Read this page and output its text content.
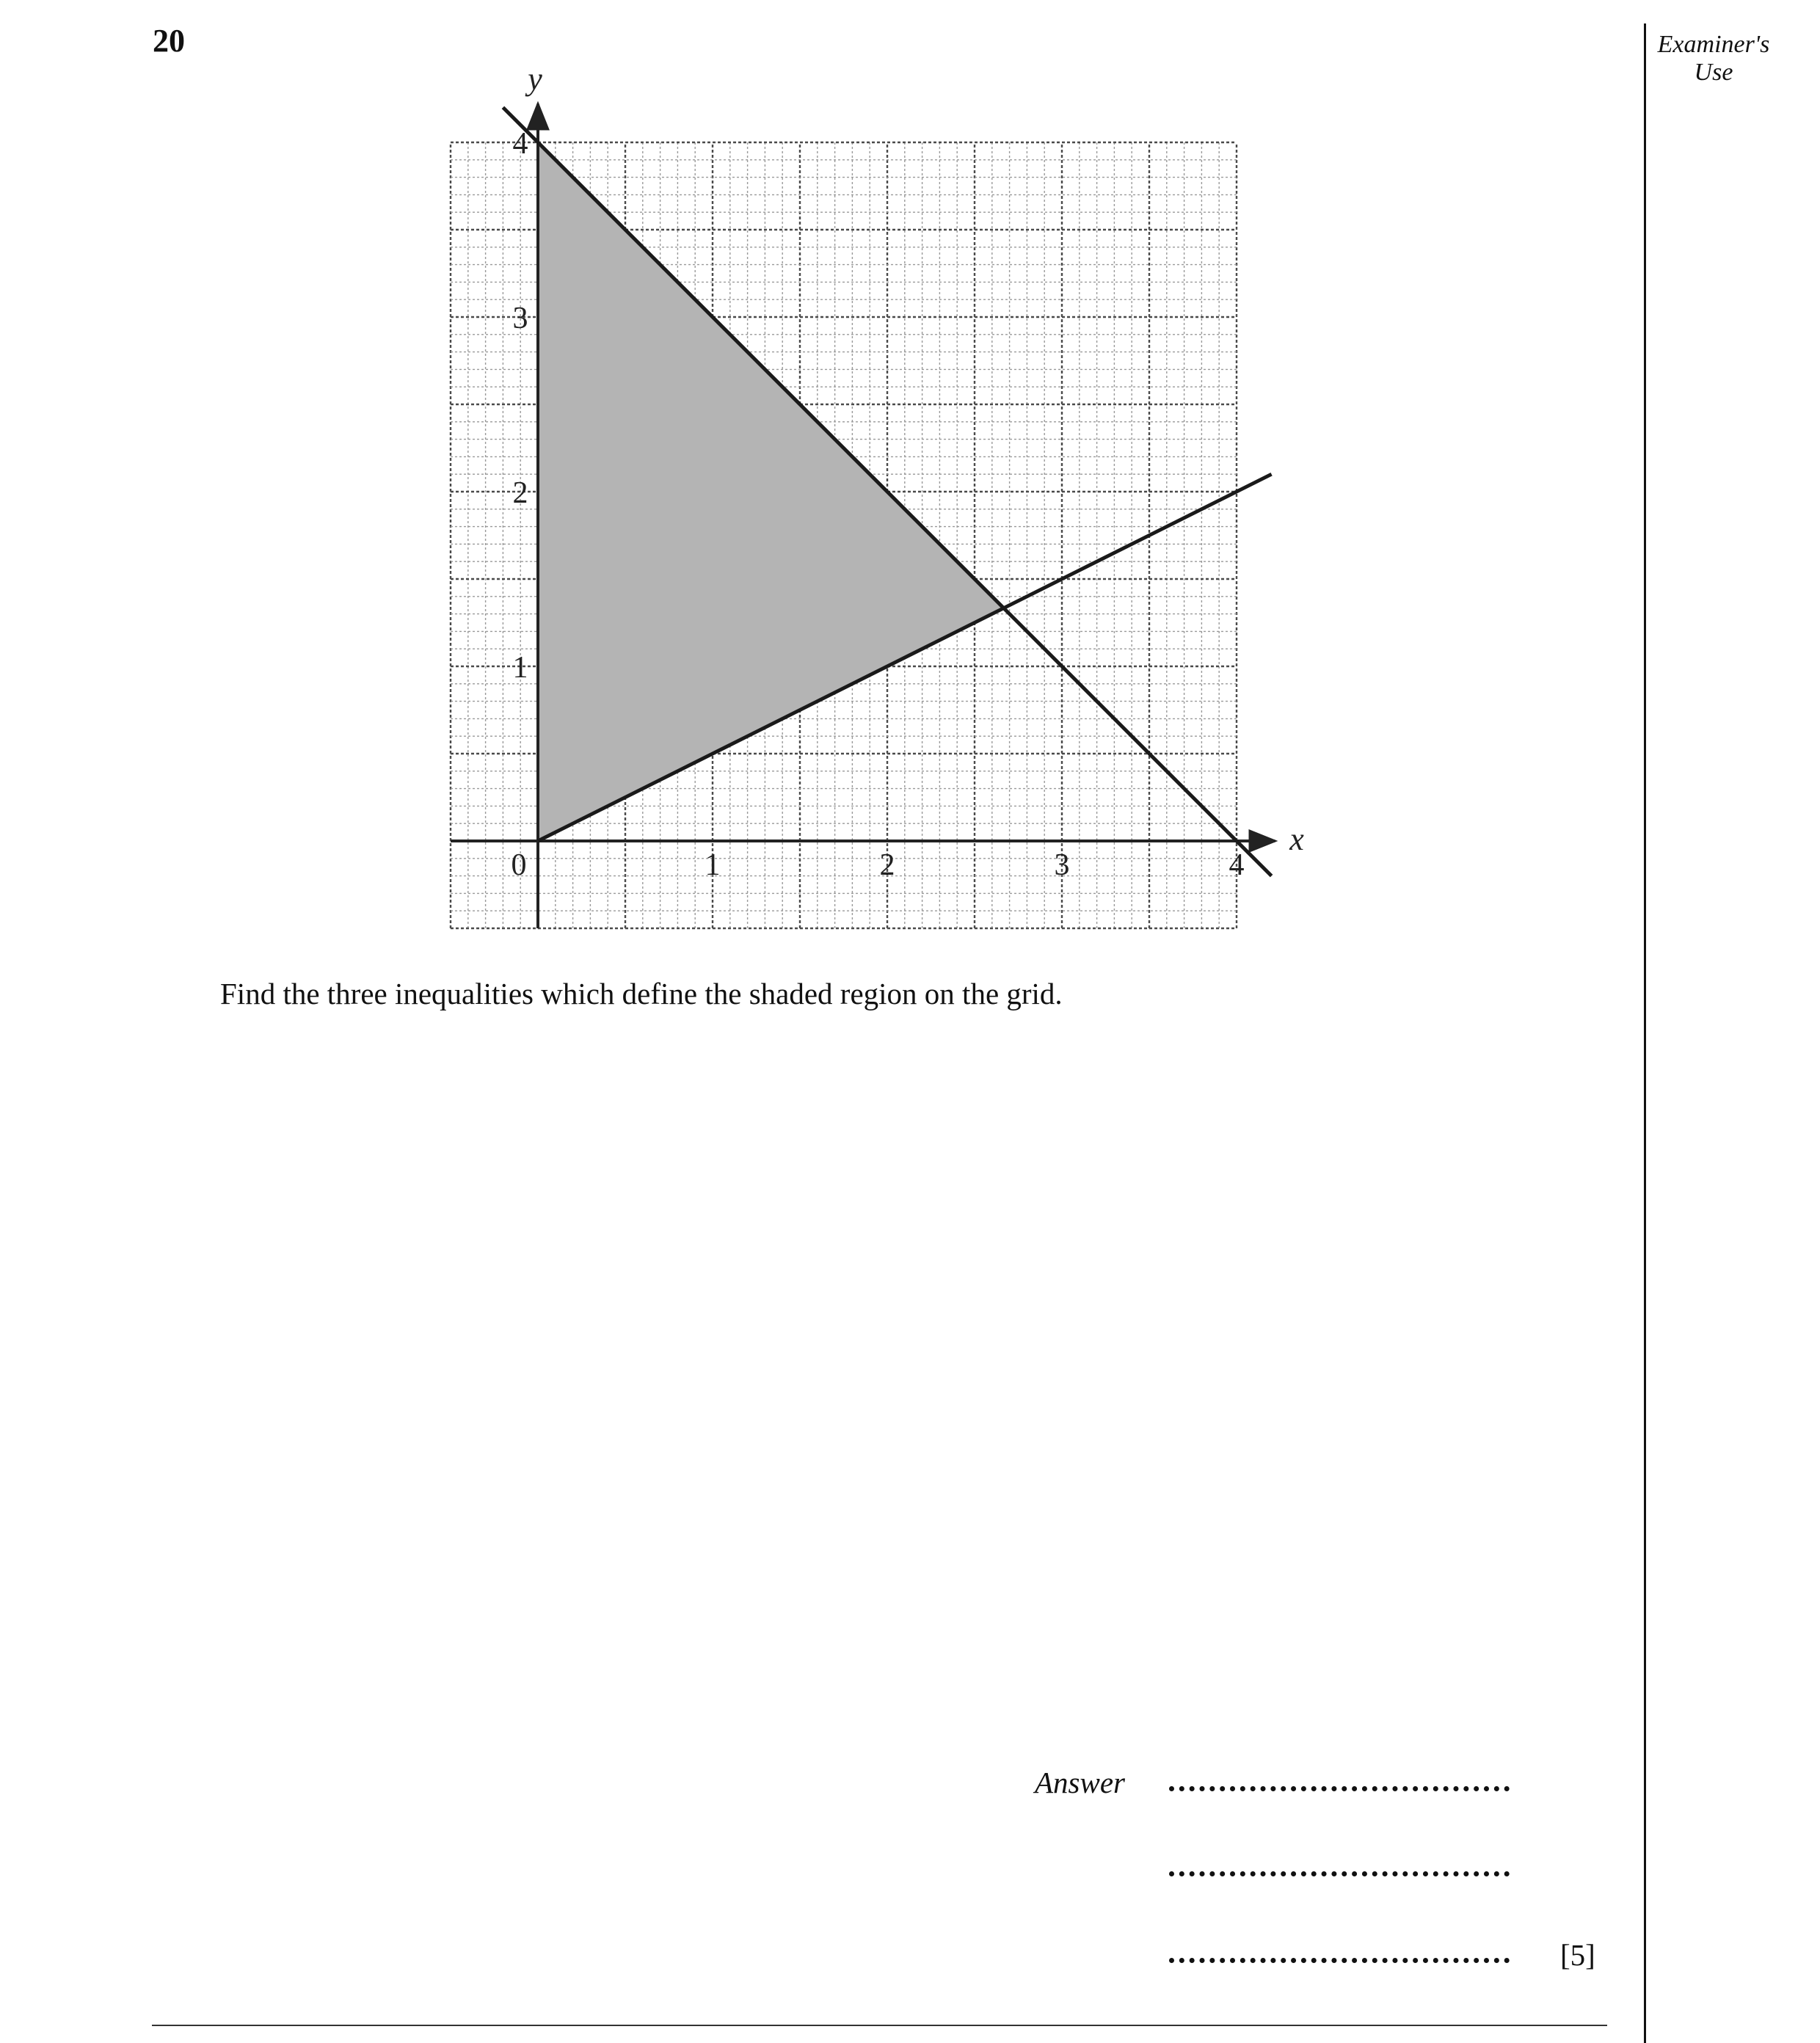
20	Examiner's
Use
1	2	3	4
0
1
2
3
4
x
y
Find the three inequalities which define the shaded region on the grid.
Answer
[5]
